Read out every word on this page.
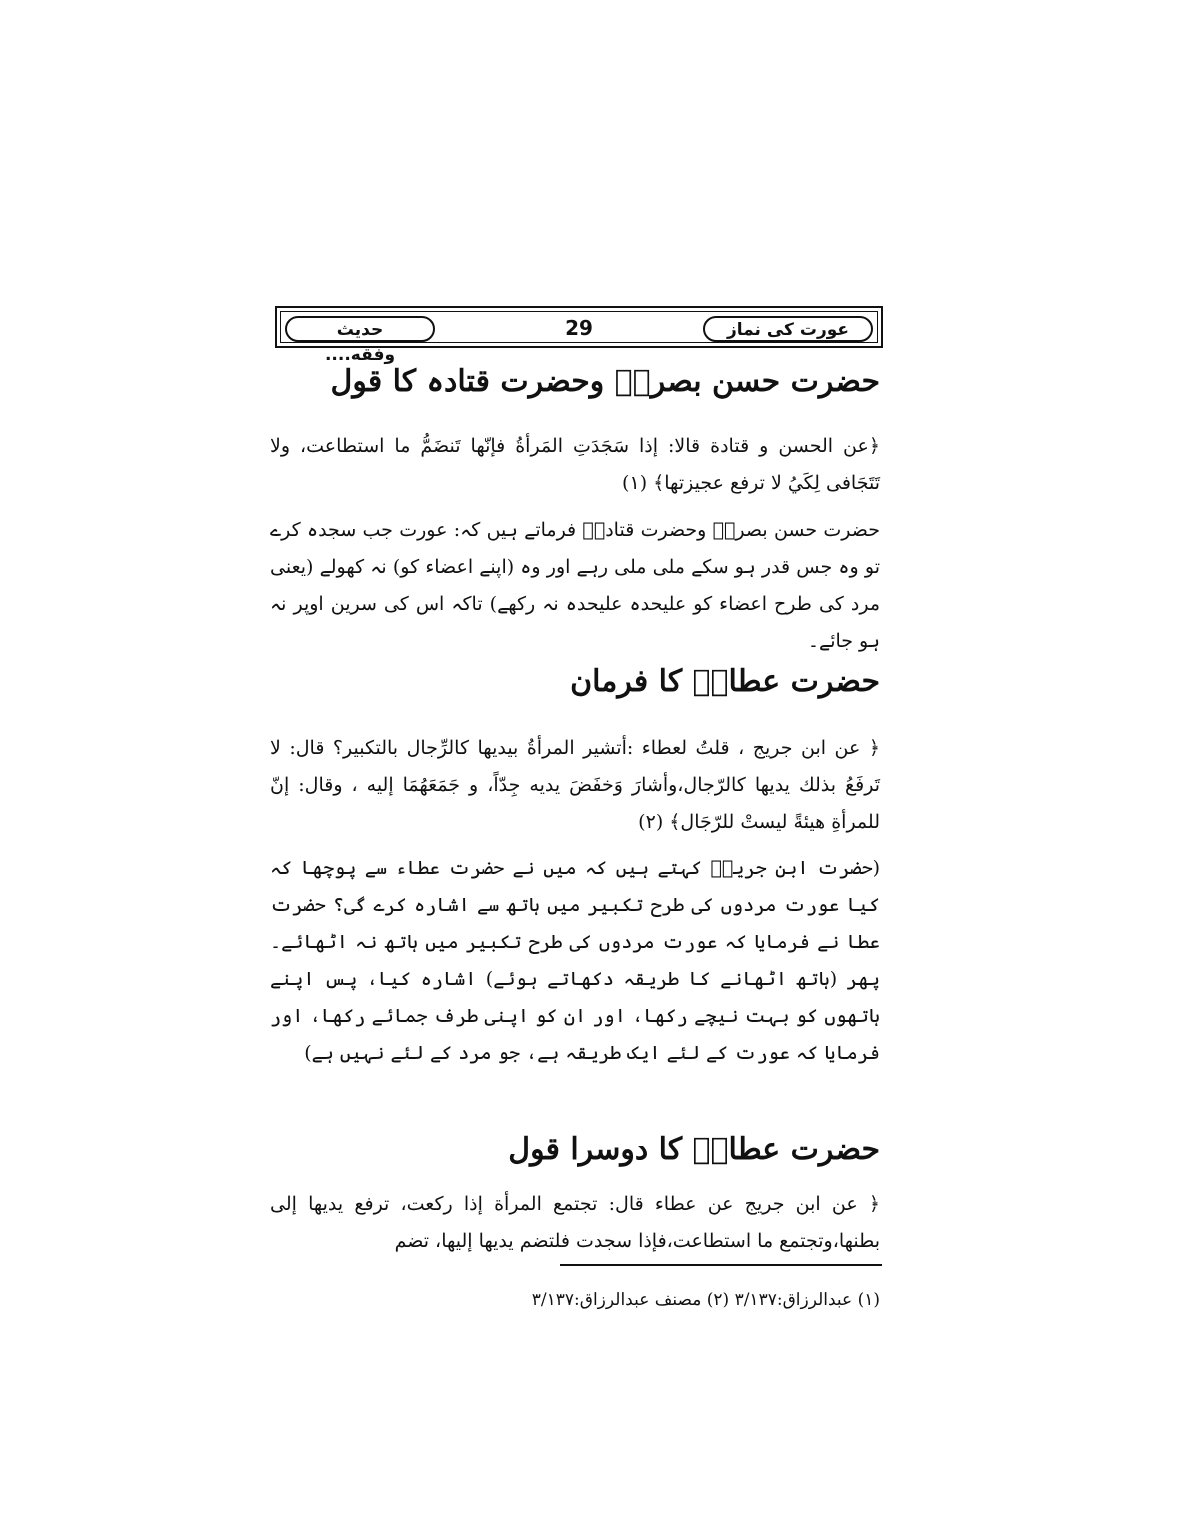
عورت کی نماز
29
حدیث وفقه....
حضرت حسن بصریؒ وحضرت قتادہ کا قول
﴿عن الحسن و قتادة قالا: إذا سَجَدَتِ المَرأةُ فإنّها تَنضَمُّ ما استطاعت، ولا تَتَجَافى لِكَيُ لا ترفع عجيزتها﴾ (١)
حضرت حسن بصریؒ وحضرت قتادہؒ فرماتے ہیں کہ: عورت جب سجدہ کرے تو وہ جس قدر ہو سکے ملی ملی رہے اور وہ (اپنے اعضاء کو) نہ کھولے (یعنی مرد کی طرح اعضاء کو علیحدہ علیحدہ نہ رکھے) تاکہ اس کی سرین اوپر نہ ہو جائے۔
حضرت عطاءؒ کا فرمان
﴿ عن ابن جريج ، قلتُ لعطاء :أتشير المرأةُ بيديها كالرِّجال بالتكبير؟ قال: لا تَرفَعُ بذلك يديها كالرّجال،وأشارَ وَخفَضَ يديه جِدّاً، و جَمَعَهُمَا إليه ، وقال: إنّ للمرأةِ هيئةً ليستْ للرّجَال﴾ (٢)
(حضرت ابن جریجؒ کہتے ہیں کہ میں نے حضرت عطاء سے پوچھا کہ کیا عورت مردوں کی طرح تکبیر میں ہاتھ سے اشارہ کرے گی؟ حضرت عطا نے فرمایا کہ عورت مردوں کی طرح تکبیر میں ہاتھ نہ اٹھائے۔ پھر (ہاتھ اٹھانے کا طریقہ دکھاتے ہوئے) اشارہ کیا، پس اپنے ہاتھوں کو بہت نیچے رکھا، اور ان کو اپنی طرف جمائے رکھا، اور فرمایا کہ عورت کے لئے ایک طریقہ ہے، جو مرد کے لئے نہیں ہے)
حضرت عطاءؒ کا دوسرا قول
﴿ عن ابن جريج عن عطاء قال: تجتمع المرأة إذا ركعت، ترفع يديها إلى بطنها،وتجتمع ما استطاعت،فإذا سجدت فلتضم يديها إليها، تضم
(١) عبدالرزاق:٣/١٣٧ (٢) مصنف عبدالرزاق:٣/١٣٧
